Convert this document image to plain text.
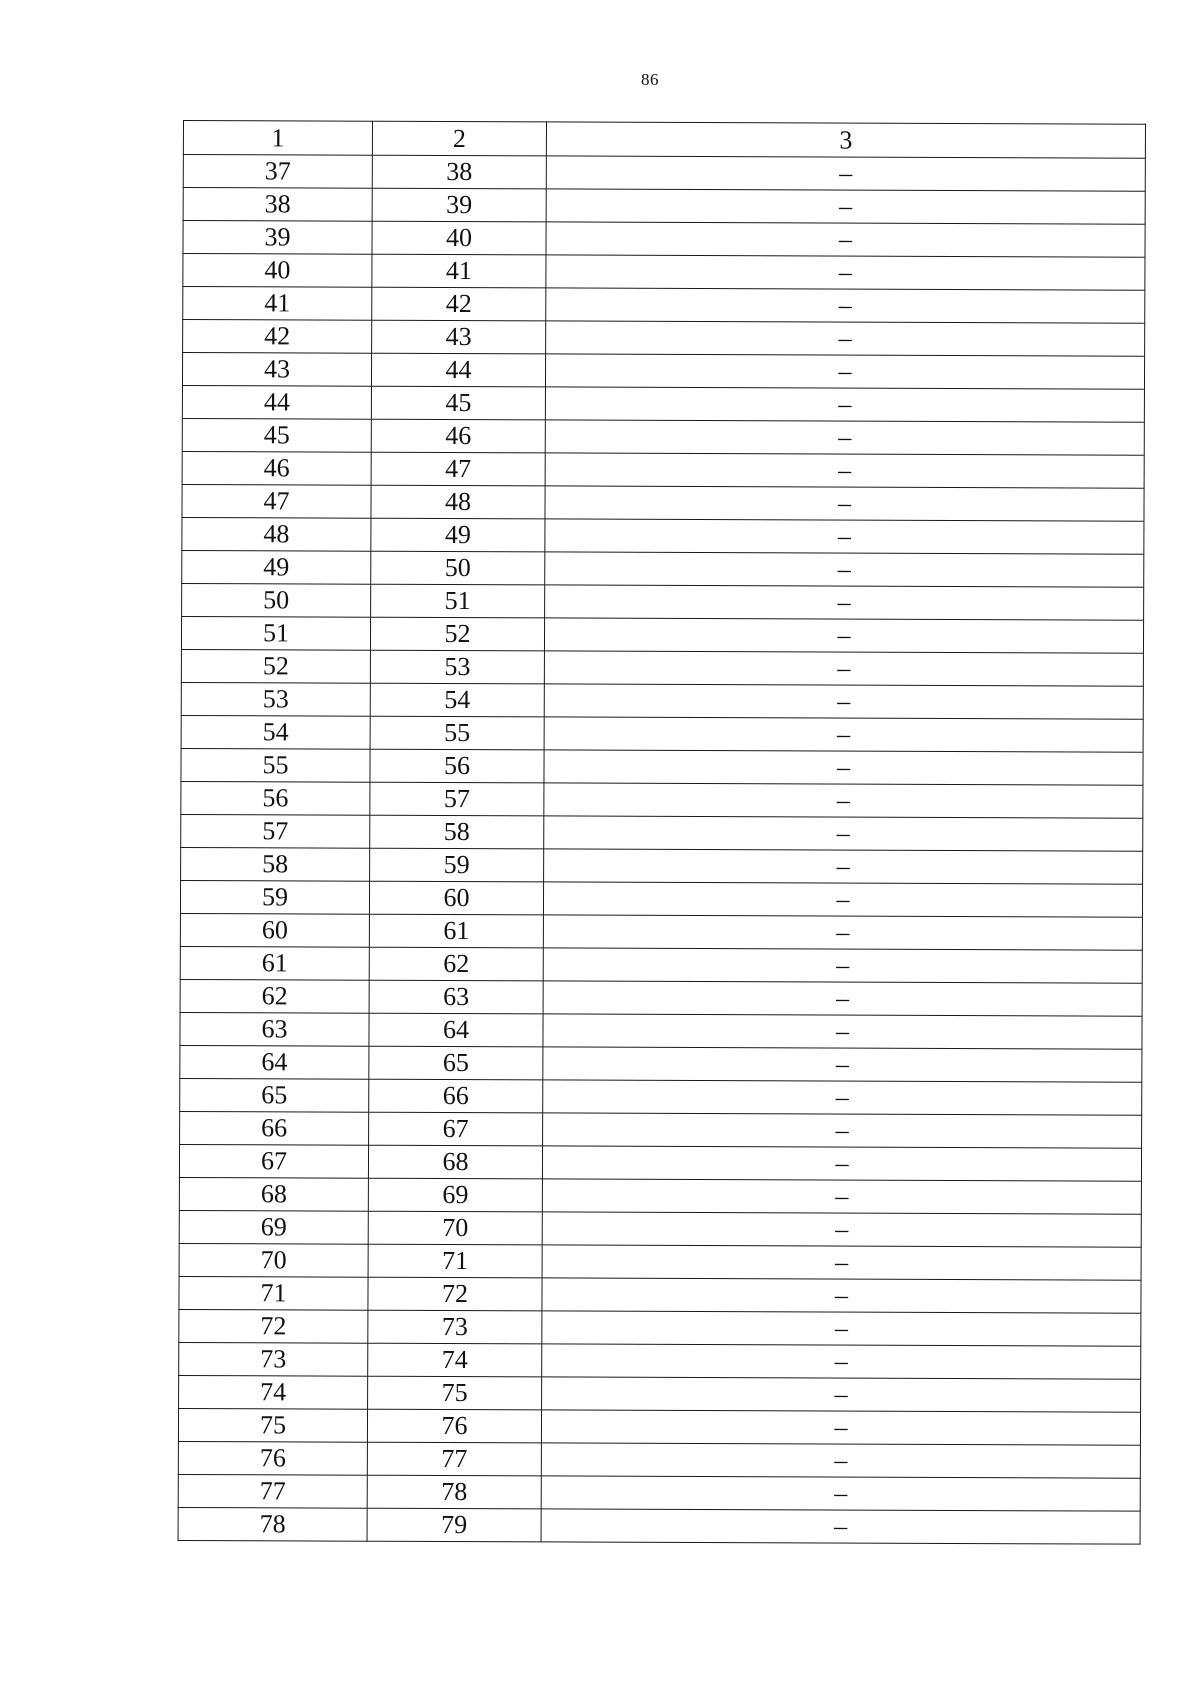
86
1	2	3
37	38	–
38	39	–
39	40	–
40	41	–
41	42	–
42	43	–
43	44	–
44	45	–
45	46	–
46	47	–
47	48	–
48	49	–
49	50	–
50	51	–
51	52	–
52	53	–
53	54	–
54	55	–
55	56	–
56	57	–
57	58	–
58	59	–
59	60	–
60	61	–
61	62	–
62	63	–
63	64	–
64	65	–
65	66	–
66	67	–
67	68	–
68	69	–
69	70	–
70	71	–
71	72	–
72	73	–
73	74	–
74	75	–
75	76	–
76	77	–
77	78	–
78	79	–
